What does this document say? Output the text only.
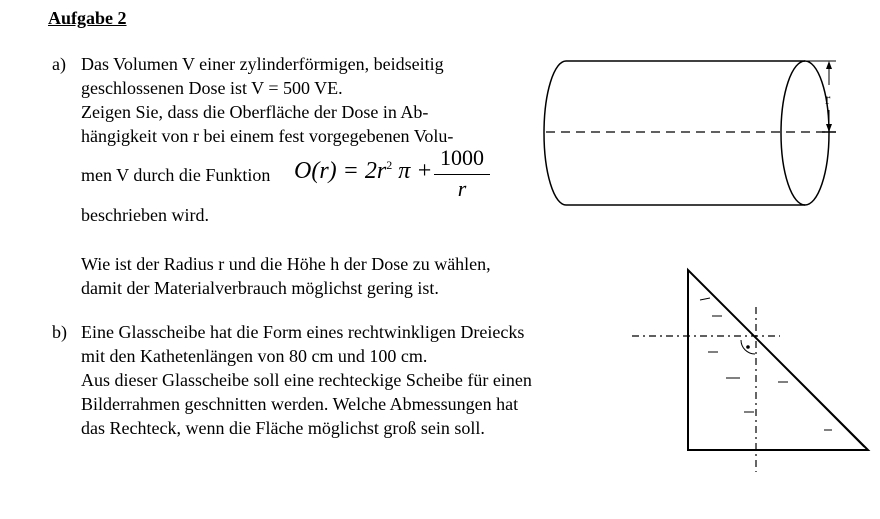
Aufgabe 2
a) Das Volumen V einer zylinderförmigen, beidseitig
geschlossenen Dose ist V = 500 VE.
Zeigen Sie, dass die Oberfläche der Dose in Ab-
hängigkeit von r bei einem fest vorgegebenen Volu-
men V durch die Funktion $O(r) = 2r^2$ π +
1000
r
beschrieben wird.
Wie ist der Radius r und die Höhe h der Dose zu wählen,
damit der Materialverbrauch möglichst gering ist.
b) Eine Glasscheibe hat die Form eines rechtwinkligen Dreiecks
mit den Kathetenlängen von 80 cm und 100 cm.
Aus dieser Glasscheibe soll eine rechteckige Scheibe für einen
Bilderrahmen geschnitten werden. Welche Abmessungen hat
das Rechteck, wenn die Fläche möglichst groß sein soll.
r
